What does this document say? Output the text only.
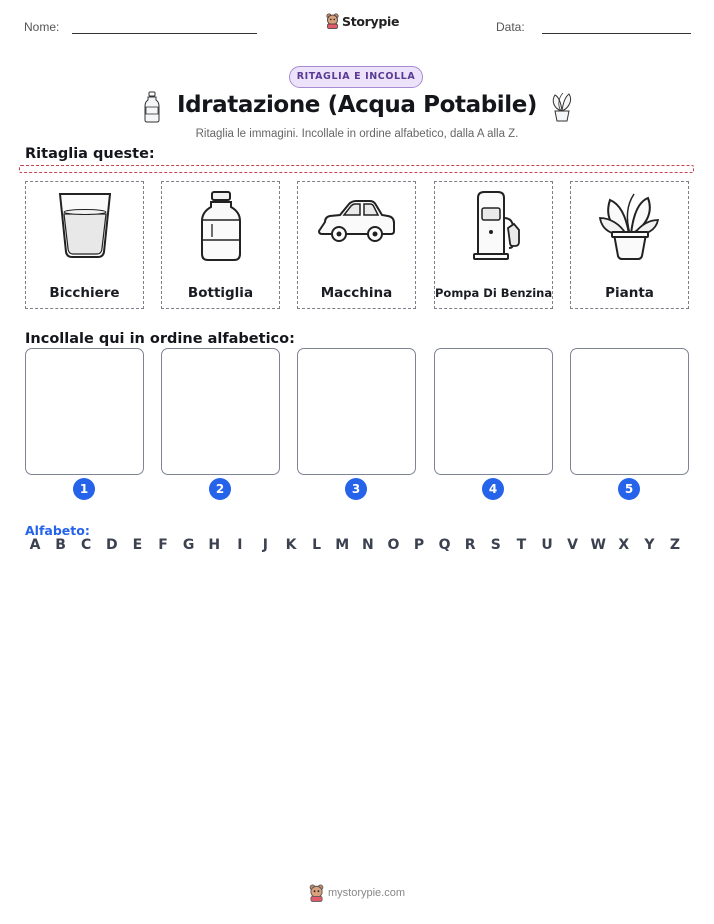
Nome:	Storypie	Data:
RITAGLIA E INCOLLA
Idratazione (Acqua Potabile)
Ritaglia le immagini. Incollale in ordine alfabetico, dalla A alla Z.
Ritaglia queste:
Bicchiere	Bottiglia	Macchina	Pompa Di Benzina	Pianta
Incollale qui in ordine alfabetico:
1	2	3	4	5
Alfabeto:
A	B	C	D	E	F	G H	I	J	K	L	M N O	P	Q	R	S	T	U	V W X	Y	Z
mystorypie.com
